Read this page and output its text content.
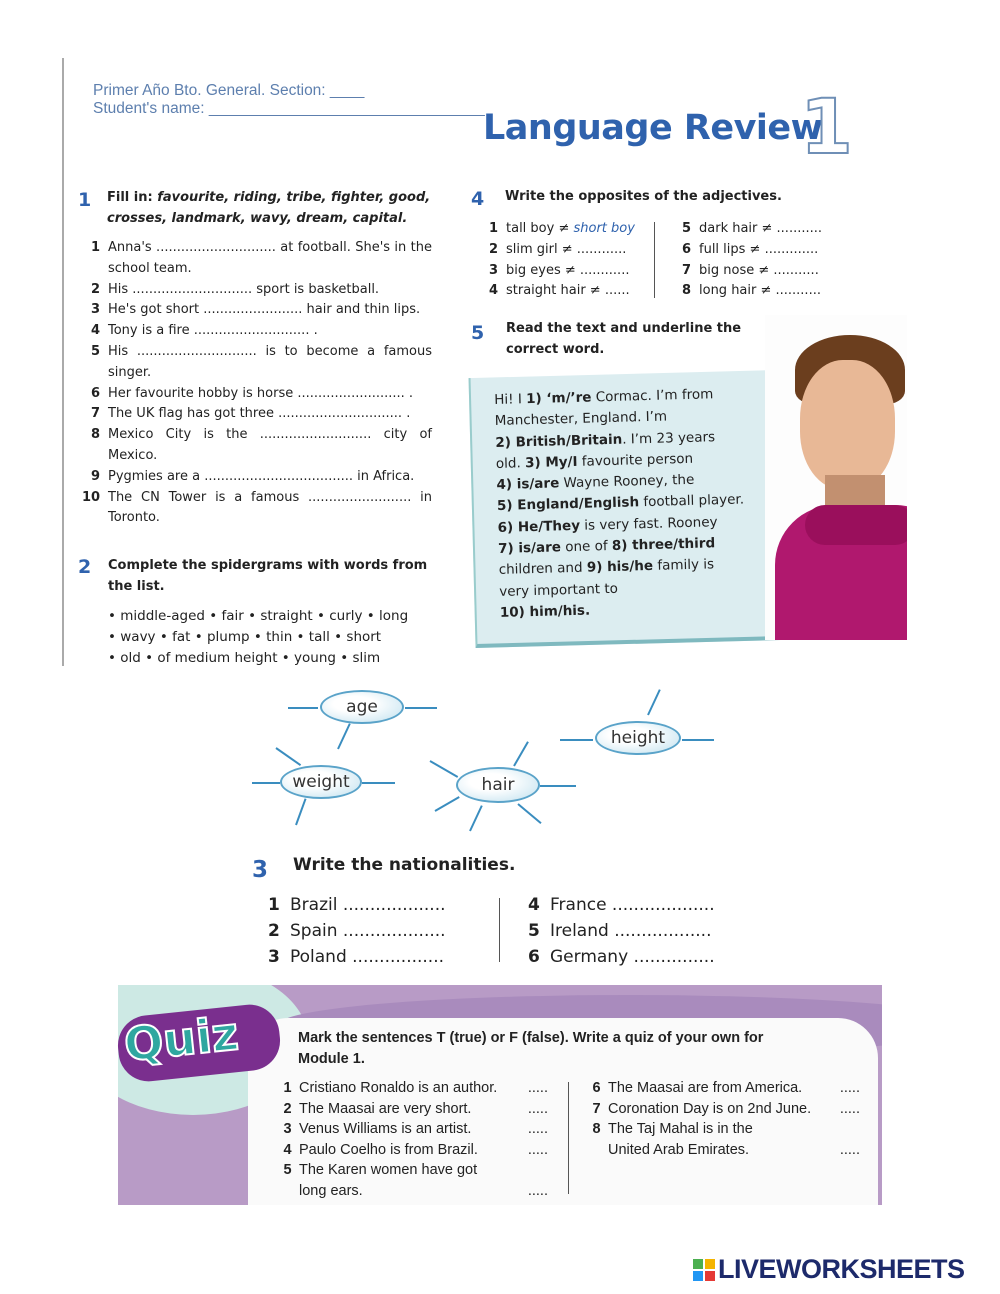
Primer Año Bto. General. Section: ____
Student's name: ________________________________
Language Review
1
1 Fill in: favourite, riding, tribe, fighter, good, crosses, landmark, wavy, dream, capital.
1 Anna's ............................. at football. She's in the school team.
2 His ............................. sport is basketball.
3 He's got short ........................ hair and thin lips.
4 Tony is a fire ............................ .
5 His ............................. is to become a famous singer.
6 Her favourite hobby is horse .......................... .
7 The UK flag has got three .............................. .
8 Mexico City is the ........................... city of Mexico.
9 Pygmies are a .................................... in Africa.
10 The CN Tower is a famous ......................... in Toronto.
2 Complete the spidergrams with words from the list.
• middle-aged • fair • straight • curly • long
• wavy • fat • plump • thin • tall • short
• old • of medium height • young • slim
4 Write the opposites of the adjectives.
1 tall boy ≠ short boy
2 slim girl ≠ ............
3 big eyes ≠ ............
4 straight hair ≠ ......
5 dark hair ≠ ...........
6 full lips ≠ .............
7 big nose ≠ ...........
8 long hair ≠ ...........
5 Read the text and underline the correct word.
Hi! I 1) ‘m/’re Cormac. I’m from
Manchester, England. I’m
2) British/Britain. I’m 23 years
old. 3) My/I favourite person
4) is/are Wayne Rooney, the
5) England/English football player.
6) He/They is very fast. Rooney
7) is/are one of 8) three/third
children and 9) his/he family is
very important to
10) him/his.
age
height
weight	hair
3 Write the nationalities.
1 Brazil ...................
2 Spain ...................
3 Poland .................
4 France ...................
5 Ireland ..................
6 Germany ...............
Quiz	Mark the sentences T (true) or F (false). Write a quiz of your own for
Module 1.
1 Cristiano Ronaldo is an author.	.....
2 The Maasai are very short.	.....
3 Venus Williams is an artist.	.....
4 Paulo Coelho is from Brazil.	.....
5 The Karen women have got
long ears.	.....
6 The Maasai are from America.	.....
7 Coronation Day is on 2nd June.	.....
8 The Taj Mahal is in the
United Arab Emirates.	.....
LIVEWORKSHEETS
